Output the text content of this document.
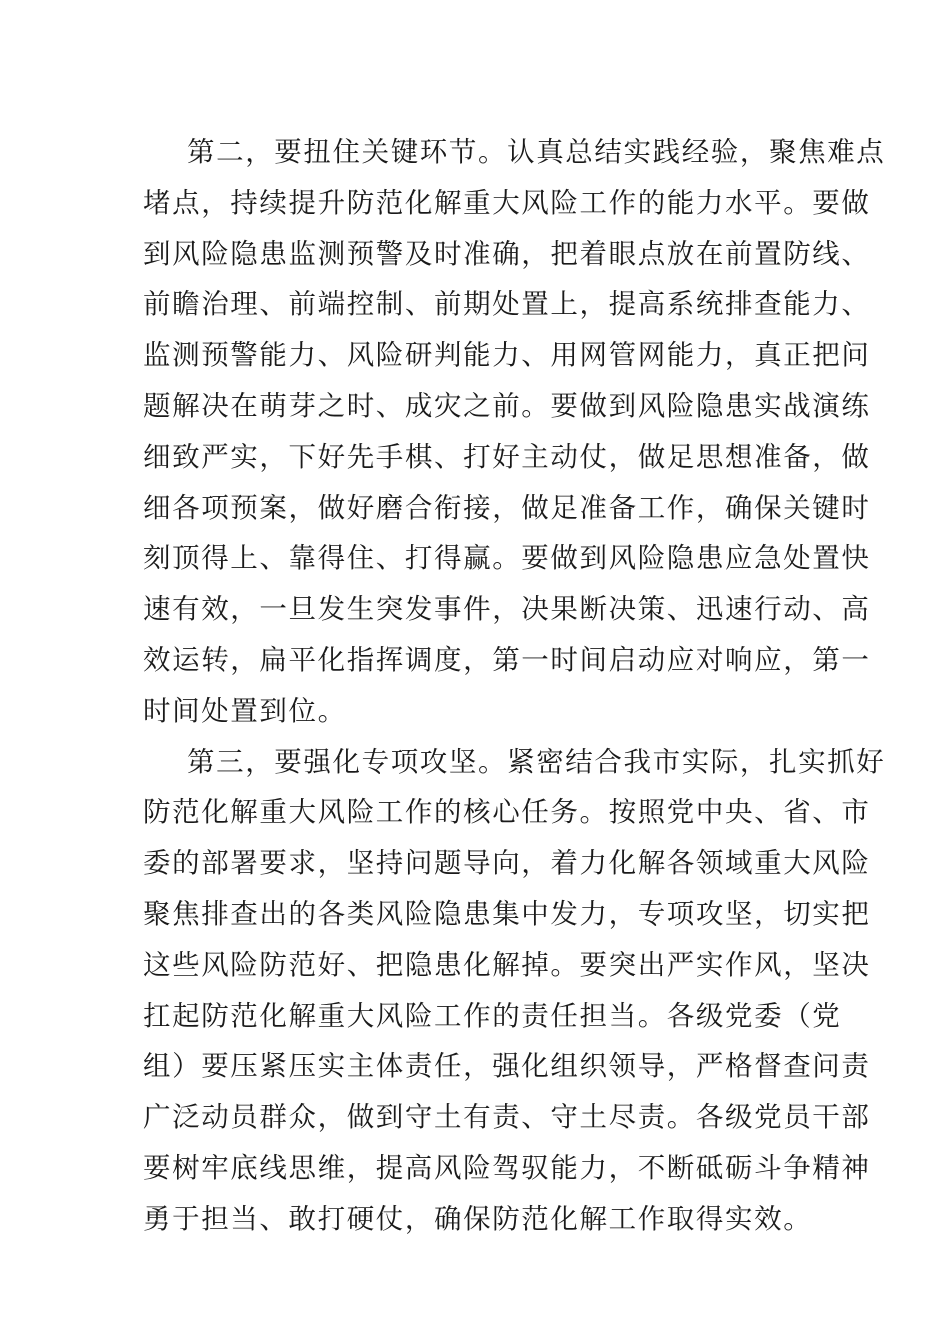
第二，要扭住关键环节。认真总结实践经验，聚焦难点
堵点，持续提升防范化解重大风险工作的能力水平。要做
到风险隐患监测预警及时准确，把着眼点放在前置防线、
前瞻治理、前端控制、前期处置上，提高系统排查能力、
监测预警能力、风险研判能力、用网管网能力，真正把问
题解决在萌芽之时、成灾之前。要做到风险隐患实战演练
细致严实，下好先手棋、打好主动仗，做足思想准备，做
细各项预案，做好磨合衔接，做足准备工作，确保关键时
刻顶得上、靠得住、打得赢。要做到风险隐患应急处置快
速有效，一旦发生突发事件，决果断决策、迅速行动、高
效运转，扁平化指挥调度，第一时间启动应对响应，第一
时间处置到位。
第三，要强化专项攻坚。紧密结合我市实际，扎实抓好
防范化解重大风险工作的核心任务。按照党中央、省、市
委的部署要求，坚持问题导向，着力化解各领域重大风险
聚焦排查出的各类风险隐患集中发力，专项攻坚，切实把
这些风险防范好、把隐患化解掉。要突出严实作风，坚决
扛起防范化解重大风险工作的责任担当。各级党委（党
组）要压紧压实主体责任，强化组织领导，严格督查问责
广泛动员群众，做到守土有责、守土尽责。各级党员干部
要树牢底线思维，提高风险驾驭能力，不断砥砺斗争精神
勇于担当、敢打硬仗，确保防范化解工作取得实效。
